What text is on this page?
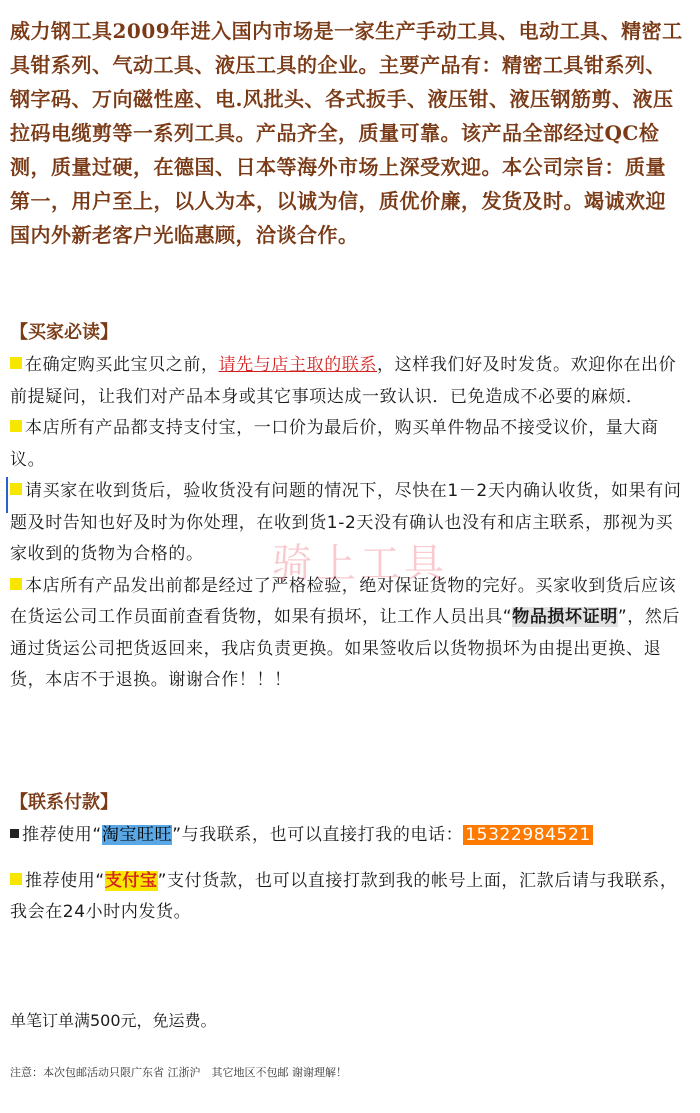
威力钢工具2009年进入国内市场是一家生产手动工具、电动工具、精密工具钳系列、气动工具、液压工具的企业。主要产品有：精密工具钳系列、钢字码、万向磁性座、电.风批头、各式扳手、液压钳、液压钢筋剪、液压拉码电缆剪等一系列工具。产品齐全，质量可靠。该产品全部经过QC检测，质量过硬，在德国、日本等海外市场上深受欢迎。本公司宗旨：质量第一，用户至上，以人为本，以诚为信，质优价廉，发货及时。竭诚欢迎国内外新老客户光临惠顾，洽谈合作。
【买家必读】
在确定购买此宝贝之前，请先与店主取的联系，这样我们好及时发货。欢迎你在出价前提疑问，让我们对产品本身或其它事项达成一致认识．已免造成不必要的麻烦．
本店所有产品都支持支付宝，一口价为最后价，购买单件物品不接受议价，量大商议。
请买家在收到货后，验收货没有问题的情况下，尽快在1－2天内确认收货，如果有问题及时告知也好及时为你处理，在收到货1-2天没有确认也没有和店主联系，那视为买家收到的货物为合格的。
本店所有产品发出前都是经过了严格检验，绝对保证货物的完好。买家收到货后应该在货运公司工作员面前查看货物，如果有损坏，让工作人员出具“物品损坏证明”，然后通过货运公司把货返回来，我店负责更换。如果签收后以货物损坏为由提出更换、退货，本店不于退换。谢谢合作！！！
骑上工具
【联系付款】
推荐使用“淘宝旺旺”与我联系，也可以直接打我的电话： 15322984521
推荐使用“支付宝”支付货款，也可以直接打款到我的帐号上面，汇款后请与我联系，我会在24小时内发货。
单笔订单满500元，免运费。
注意：本次包邮活动只限广东省 江浙沪　其它地区不包邮 谢谢理解！
